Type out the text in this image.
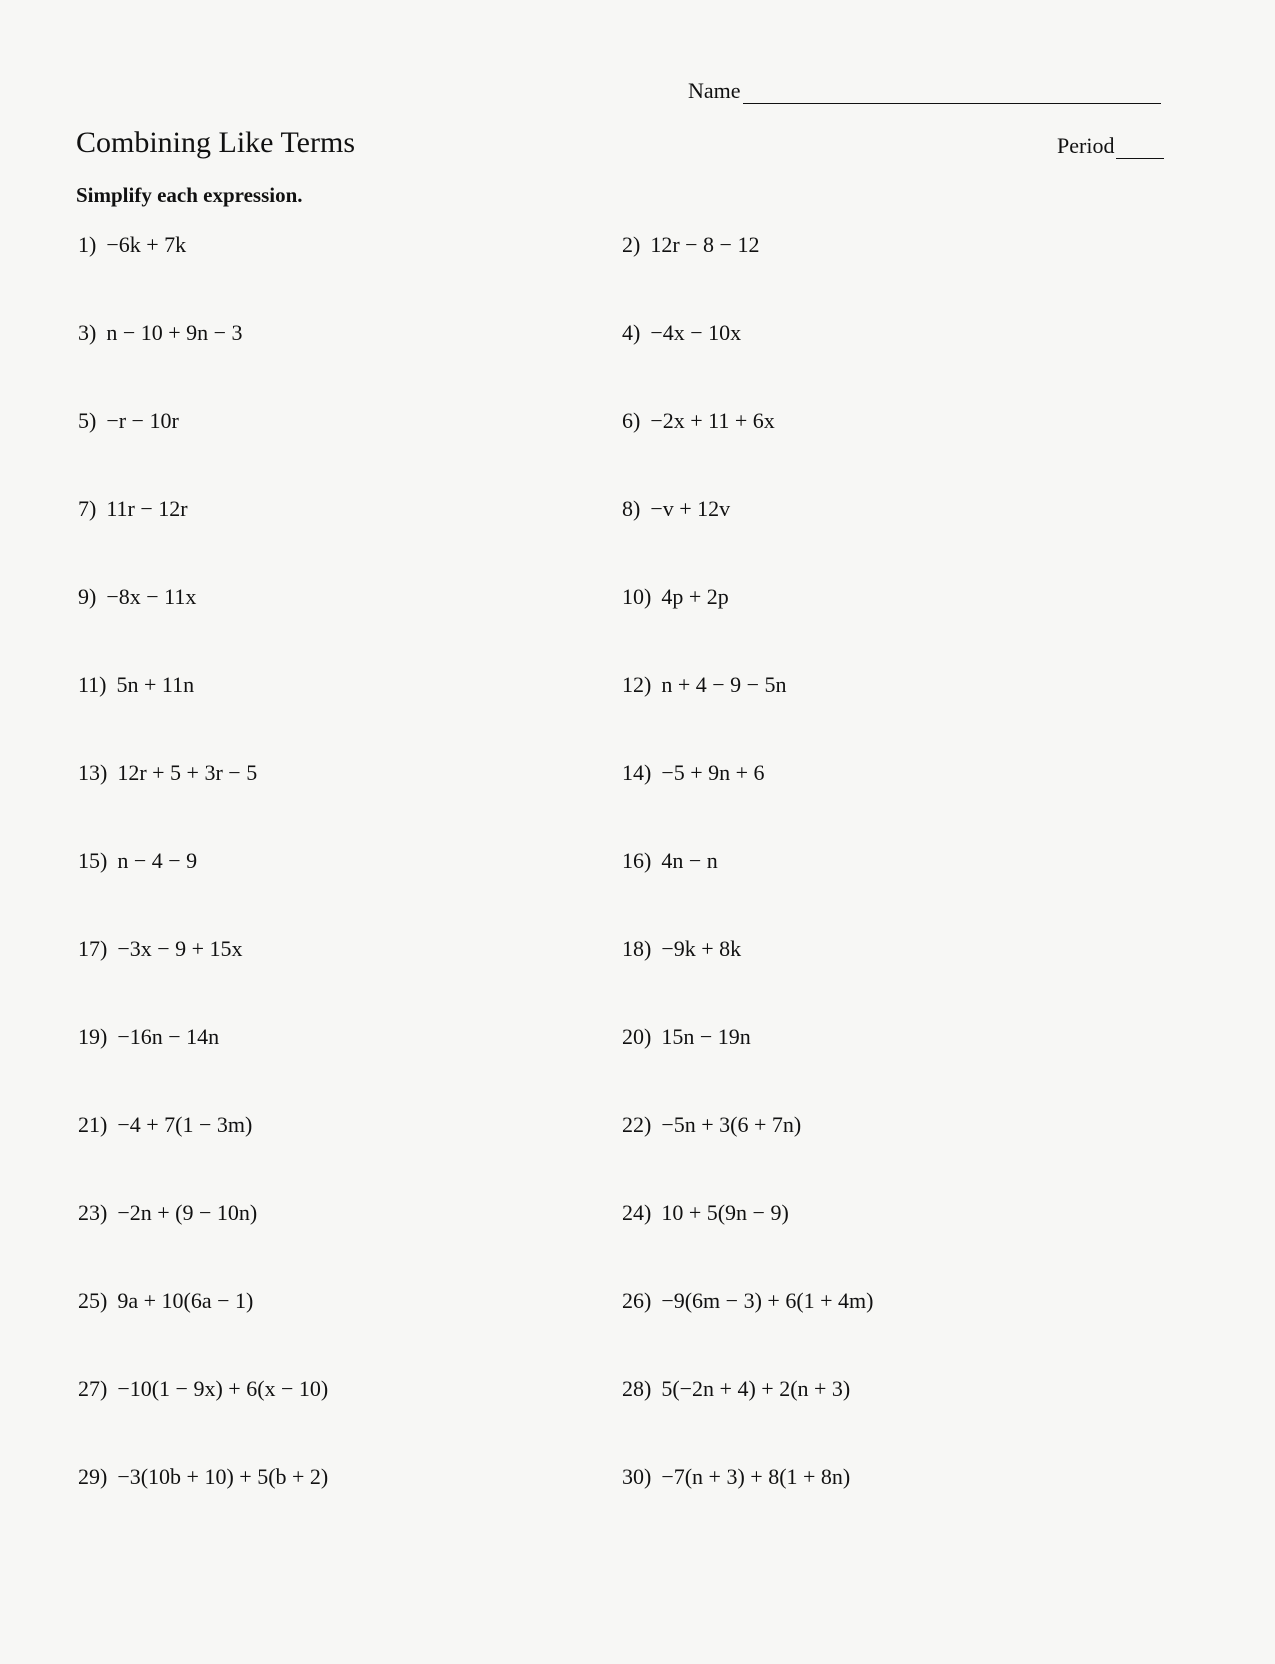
Name
Combining Like Terms	Period
Simplify each expression.
1) −6k + 7k	2) 12r − 8 − 12
3) n − 10 + 9n − 3	4) −4x − 10x
5) −r − 10r	6) −2x + 11 + 6x
7) 11r − 12r	8) −v + 12v
9) −8x − 11x	10) 4p + 2p
11) 5n + 11n	12) n + 4 − 9 − 5n
13) 12r + 5 + 3r − 5	14) −5 + 9n + 6
15) n − 4 − 9	16) 4n − n
17) −3x − 9 + 15x	18) −9k + 8k
19) −16n − 14n	20) 15n − 19n
21) −4 + 7(1 − 3m)	22) −5n + 3(6 + 7n)
23) −2n + (9 − 10n)	24) 10 + 5(9n − 9)
25) 9a + 10(6a − 1)	26) −9(6m − 3) + 6(1 + 4m)
27) −10(1 − 9x) + 6(x − 10)	28) 5(−2n + 4) + 2(n + 3)
29) −3(10b + 10) + 5(b + 2)	30) −7(n + 3) + 8(1 + 8n)
